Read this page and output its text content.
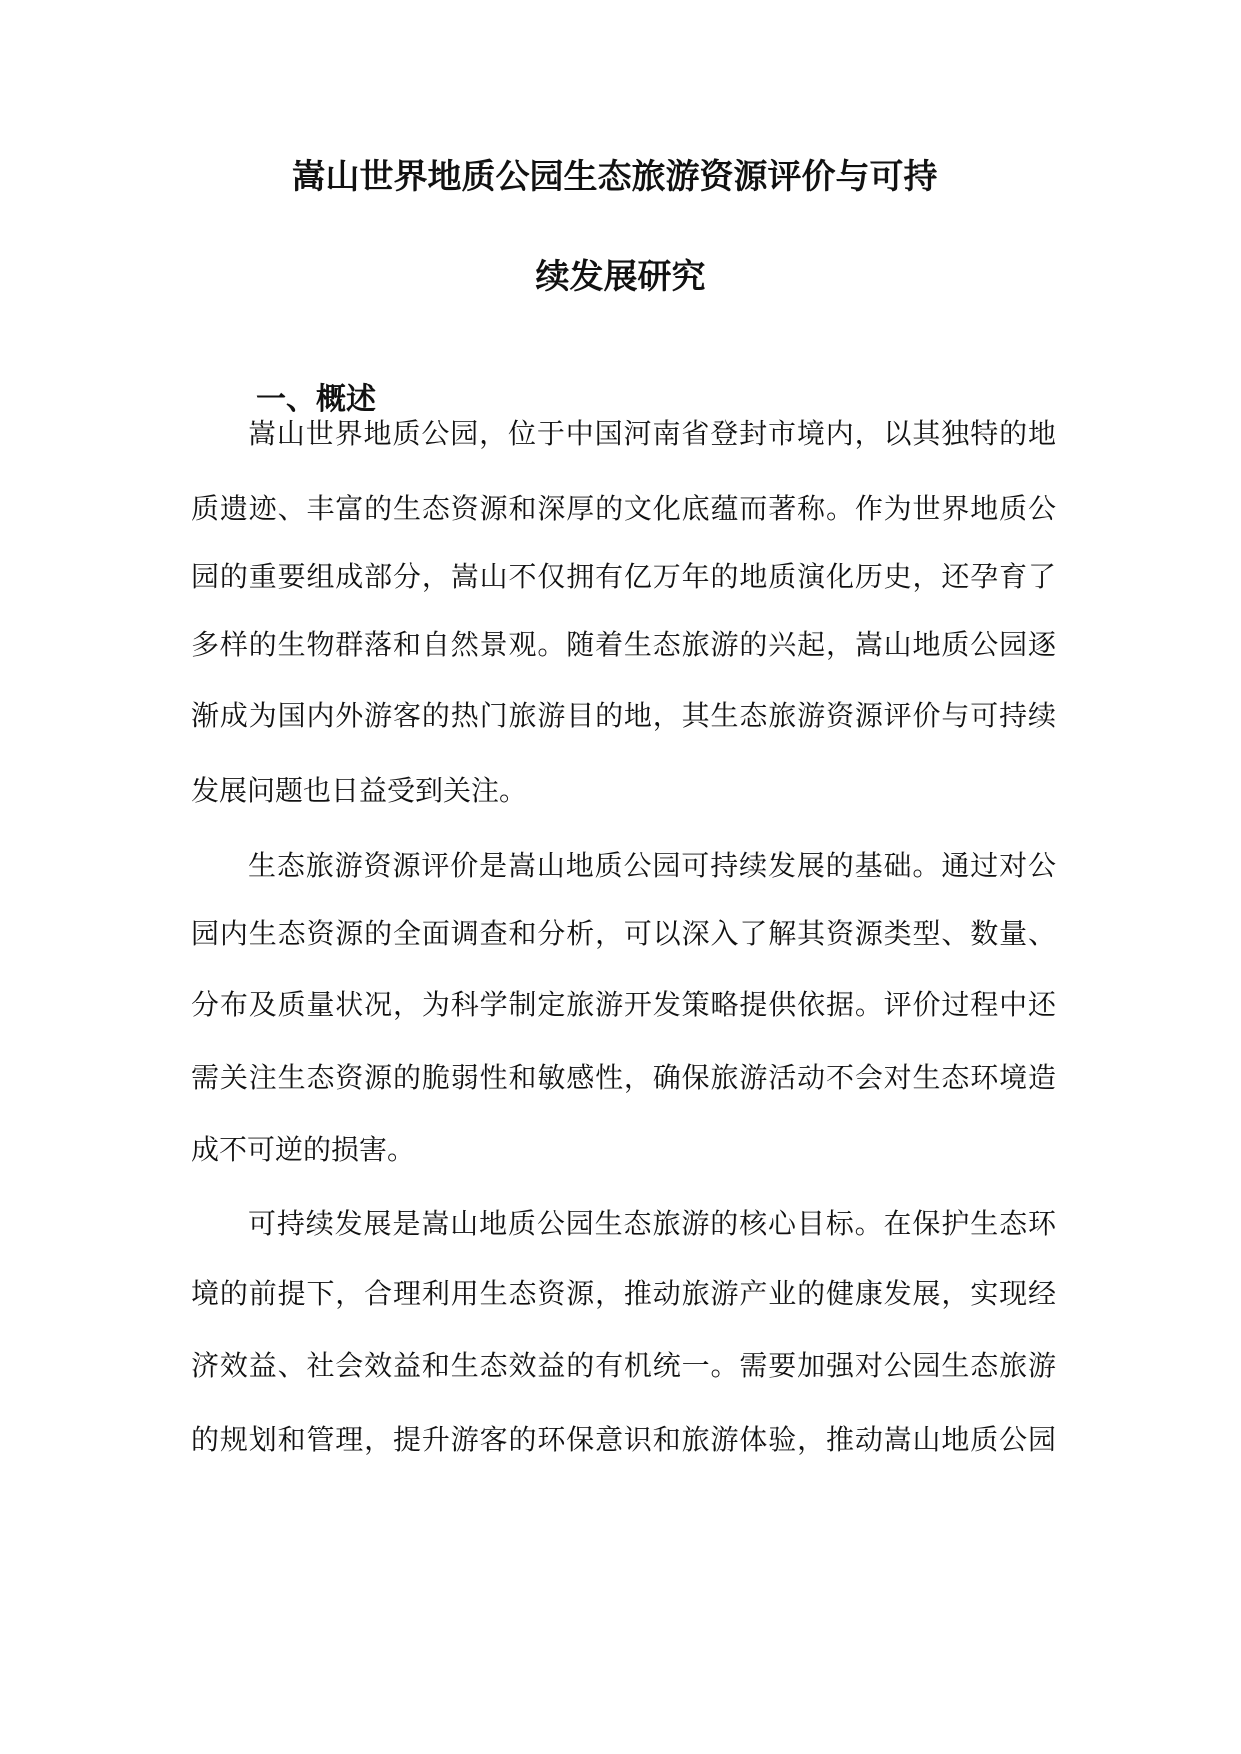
嵩山世界地质公园生态旅游资源评价与可持
续发展研究
一、概述
嵩山世界地质公园，位于中国河南省登封市境内，以其独特的地
质遗迹、丰富的生态资源和深厚的文化底蕴而著称。作为世界地质公
园的重要组成部分，嵩山不仅拥有亿万年的地质演化历史，还孕育了
多样的生物群落和自然景观。随着生态旅游的兴起，嵩山地质公园逐
渐成为国内外游客的热门旅游目的地，其生态旅游资源评价与可持续
发展问题也日益受到关注。
生态旅游资源评价是嵩山地质公园可持续发展的基础。通过对公
园内生态资源的全面调查和分析，可以深入了解其资源类型、数量、
分布及质量状况，为科学制定旅游开发策略提供依据。评价过程中还
需关注生态资源的脆弱性和敏感性，确保旅游活动不会对生态环境造
成不可逆的损害。
可持续发展是嵩山地质公园生态旅游的核心目标。在保护生态环
境的前提下，合理利用生态资源，推动旅游产业的健康发展，实现经
济效益、社会效益和生态效益的有机统一。需要加强对公园生态旅游
的规划和管理，提升游客的环保意识和旅游体验，推动嵩山地质公园
